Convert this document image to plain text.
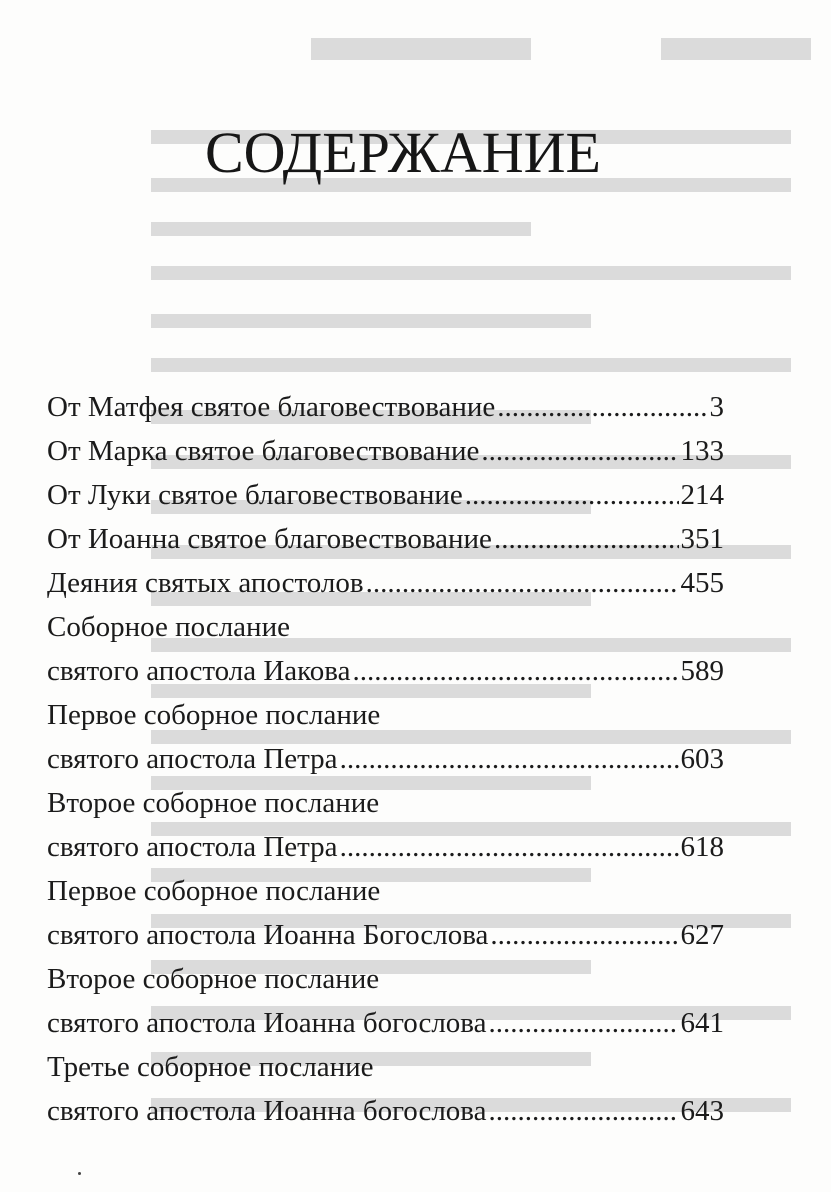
СОДЕРЖАНИЕ
От Матфея святое благовествование .....	3
От Марка святое благовествование .....	133
От Луки святое благовествование .....	214
От Иоанна святое благовествование .....	351
Деяния святых апостолов .....	455
Соборное послание
святого апостола Иакова .....	589
Первое соборное послание
святого апостола Петра .....	603
Второе соборное послание
святого апостола Петра .....	618
Первое соборное послание
святого апостола Иоанна Богослова .....	627
Второе соборное послание
святого апостола Иоанна богослова .....	641
Третье соборное послание
святого апостола Иоанна богослова .....	643
